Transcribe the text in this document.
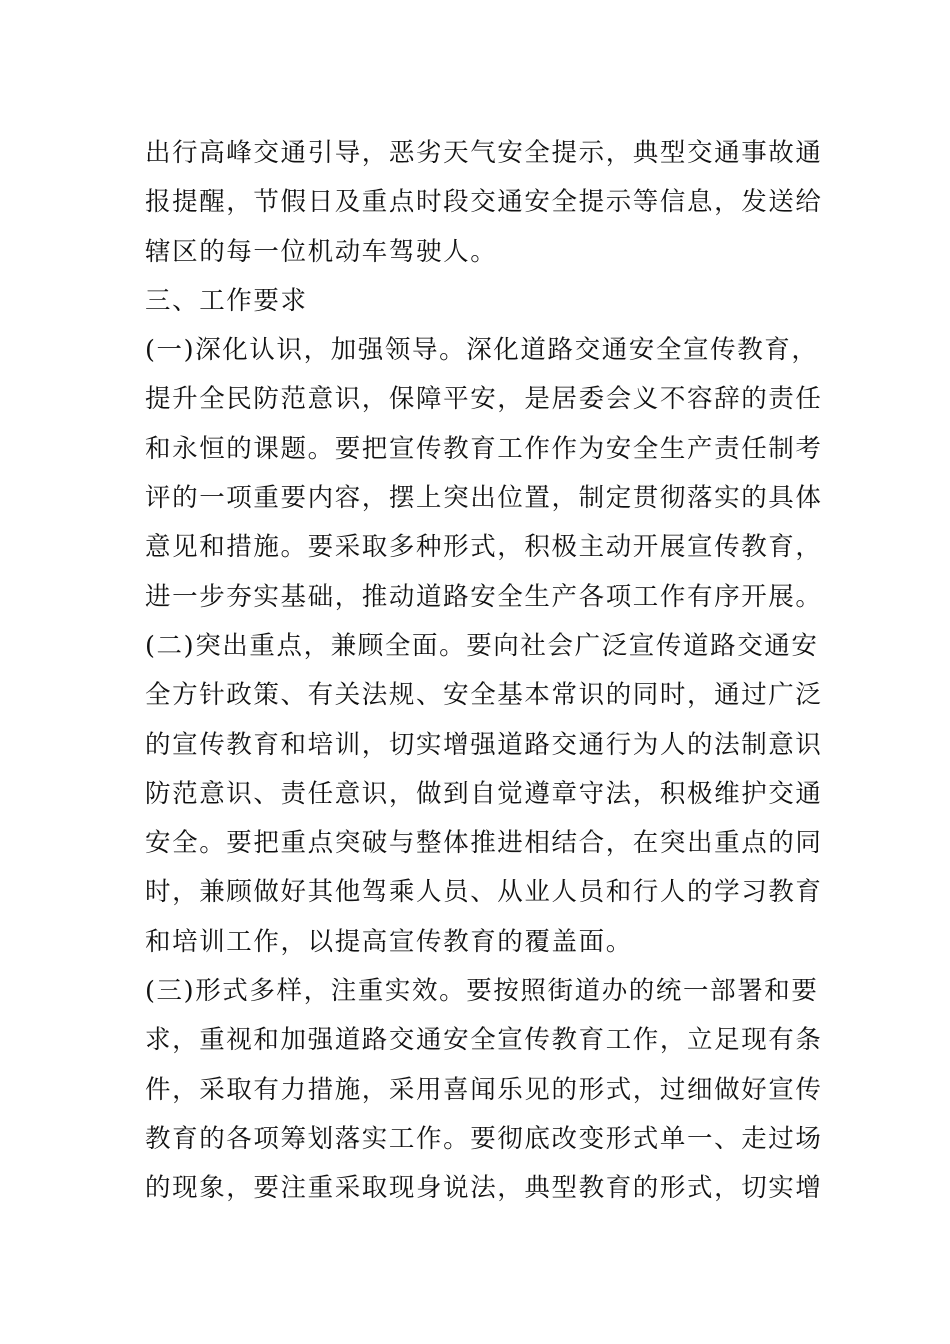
出行高峰交通引导，恶劣天气安全提示，典型交通事故通
报提醒，节假日及重点时段交通安全提示等信息，发送给
辖区的每一位机动车驾驶人。
三、工作要求
(一)深化认识，加强领导。深化道路交通安全宣传教育，
提升全民防范意识，保障平安，是居委会义不容辞的责任
和永恒的课题。要把宣传教育工作作为安全生产责任制考
评的一项重要内容，摆上突出位置，制定贯彻落实的具体
意见和措施。要采取多种形式，积极主动开展宣传教育，
进一步夯实基础，推动道路安全生产各项工作有序开展。
(二)突出重点，兼顾全面。要向社会广泛宣传道路交通安
全方针政策、有关法规、安全基本常识的同时，通过广泛
的宣传教育和培训，切实增强道路交通行为人的法制意识
防范意识、责任意识，做到自觉遵章守法，积极维护交通
安全。要把重点突破与整体推进相结合，在突出重点的同
时，兼顾做好其他驾乘人员、从业人员和行人的学习教育
和培训工作，以提高宣传教育的覆盖面。
(三)形式多样，注重实效。要按照街道办的统一部署和要
求，重视和加强道路交通安全宣传教育工作，立足现有条
件，采取有力措施，采用喜闻乐见的形式，过细做好宣传
教育的各项筹划落实工作。要彻底改变形式单一、走过场
的现象，要注重采取现身说法，典型教育的形式，切实增
